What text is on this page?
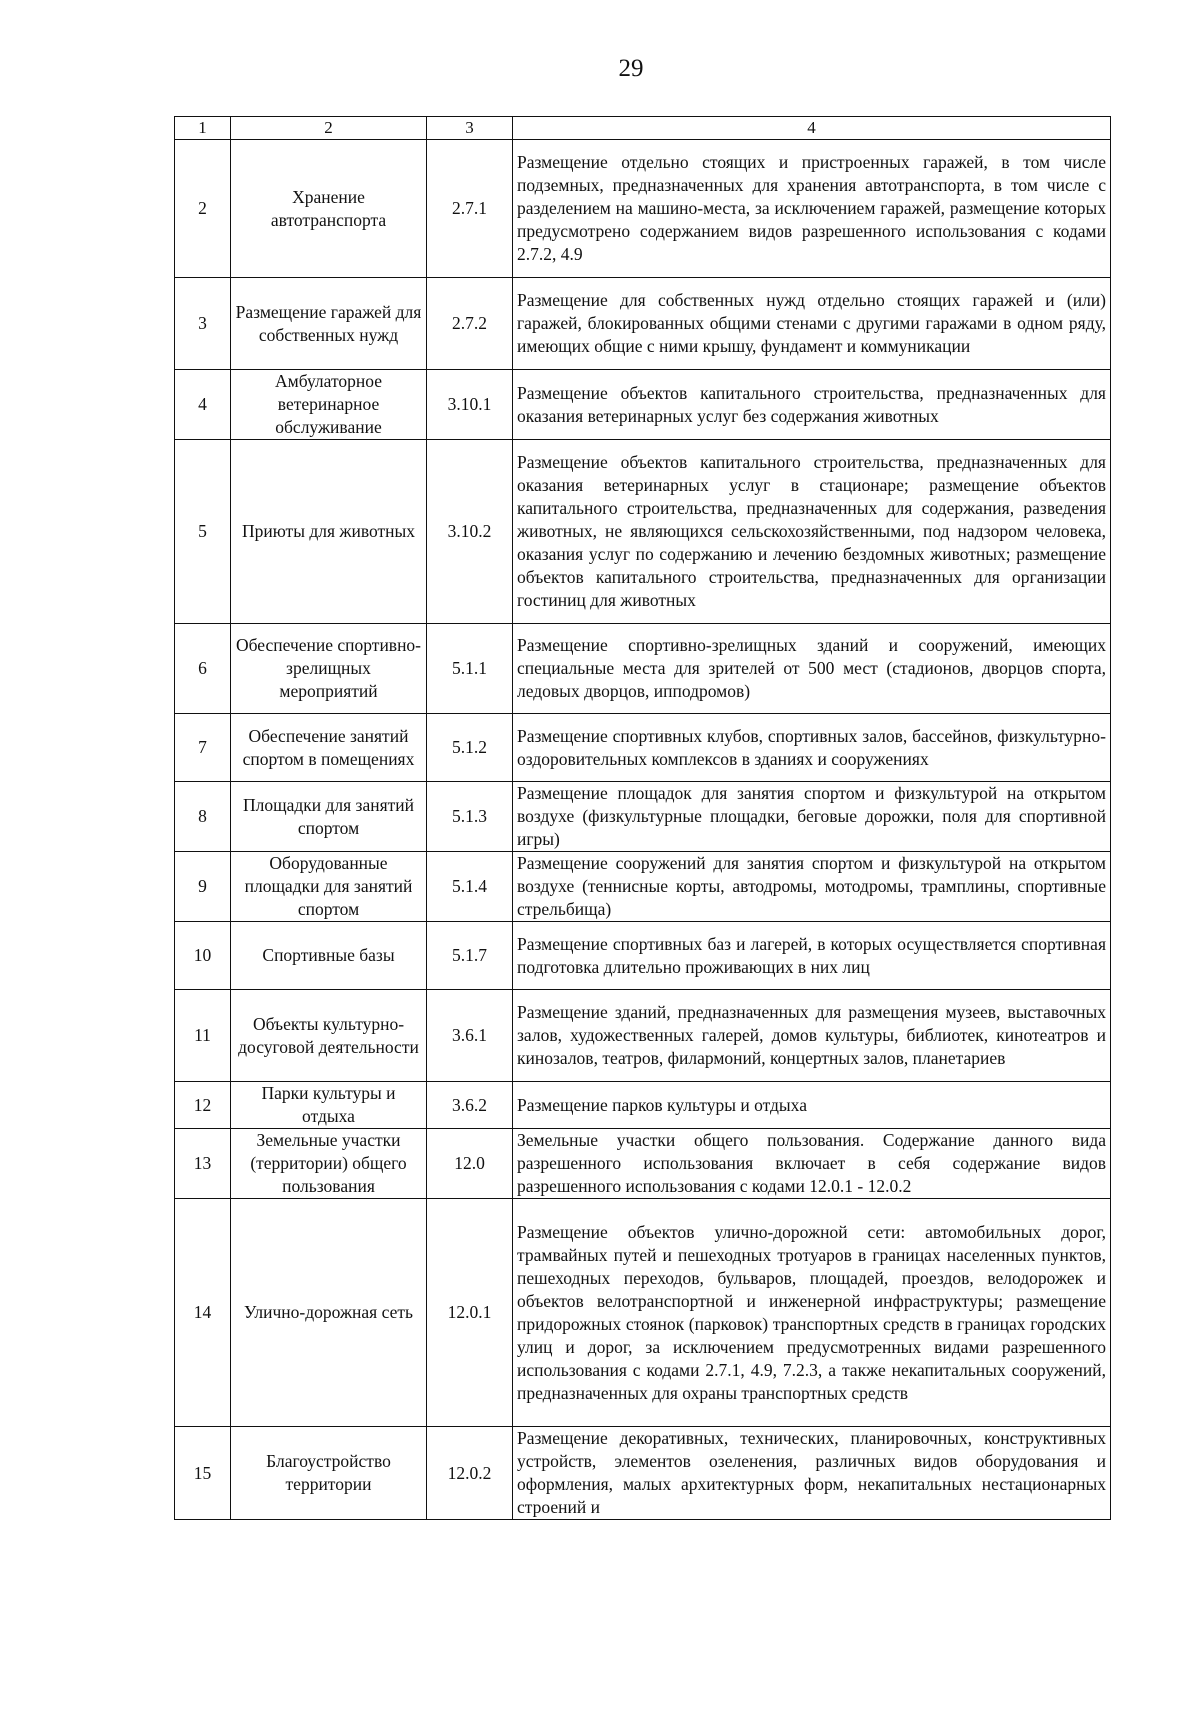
29
1	2	3	4
2	Хранение автотранспорта	2.7.1	Размещение отдельно стоящих и пристроенных гаражей, в том числе подземных, предназначенных для хранения автотранспорта, в том числе с разделением на машино-места, за исключением гаражей, размещение которых предусмотрено содержанием видов разрешенного использования с кодами 2.7.2, 4.9
3	Размещение гаражей для собственных нужд	2.7.2	Размещение для собственных нужд отдельно стоящих гаражей и (или) гаражей, блокированных общими стенами с другими гаражами в одном ряду, имеющих общие с ними крышу, фундамент и коммуникации
4	Амбулаторное ветеринарное обслуживание	3.10.1	Размещение объектов капитального строительства, предназначенных для оказания ветеринарных услуг без содержания животных
5	Приюты для животных	3.10.2	Размещение объектов капитального строительства, предназначенных для оказания ветеринарных услуг в стационаре; размещение объектов капитального строительства, предназначенных для содержания, разведения животных, не являющихся сельскохозяйственными, под надзором человека, оказания услуг по содержанию и лечению бездомных животных; размещение объектов капитального строительства, предназначенных для организации гостиниц для животных
6	Обеспечение спортивно-зрелищных мероприятий	5.1.1	Размещение спортивно-зрелищных зданий и сооружений, имеющих специальные места для зрителей от 500 мест (стадионов, дворцов спорта, ледовых дворцов, ипподромов)
7	Обеспечение занятий спортом в помещениях	5.1.2	Размещение спортивных клубов, спортивных залов, бассейнов, физкультурно-оздоровительных комплексов в зданиях и сооружениях
8	Площадки для занятий спортом	5.1.3	Размещение площадок для занятия спортом и физкультурой на открытом воздухе (физкультурные площадки, беговые дорожки, поля для спортивной игры)
9	Оборудованные площадки для занятий спортом	5.1.4	Размещение сооружений для занятия спортом и физкультурой на открытом воздухе (теннисные корты, автодромы, мотодромы, трамплины, спортивные стрельбища)
10	Спортивные базы	5.1.7	Размещение спортивных баз и лагерей, в которых осуществляется спортивная подготовка длительно проживающих в них лиц
11	Объекты культурно-досуговой деятельности	3.6.1	Размещение зданий, предназначенных для размещения музеев, выставочных залов, художественных галерей, домов культуры, библиотек, кинотеатров и кинозалов, театров, филармоний, концертных залов, планетариев
12	Парки культуры и отдыха	3.6.2	Размещение парков культуры и отдыха
13	Земельные участки (территории) общего пользования	12.0	Земельные участки общего пользования. Содержание данного вида разрешенного использования включает в себя содержание видов разрешенного использования с кодами 12.0.1 - 12.0.2
14	Улично-дорожная сеть	12.0.1	Размещение объектов улично-дорожной сети: автомобильных дорог, трамвайных путей и пешеходных тротуаров в границах населенных пунктов, пешеходных переходов, бульваров, площадей, проездов, велодорожек и объектов велотранспортной и инженерной инфраструктуры; размещение придорожных стоянок (парковок) транспортных средств в границах городских улиц и дорог, за исключением предусмотренных видами разрешенного использования с кодами 2.7.1, 4.9, 7.2.3, а также некапитальных сооружений, предназначенных для охраны транспортных средств
15	Благоустройство территории	12.0.2	Размещение декоративных, технических, планировочных, конструктивных устройств, элементов озеленения, различных видов оборудования и оформления, малых архитектурных форм, некапитальных нестационарных строений и
